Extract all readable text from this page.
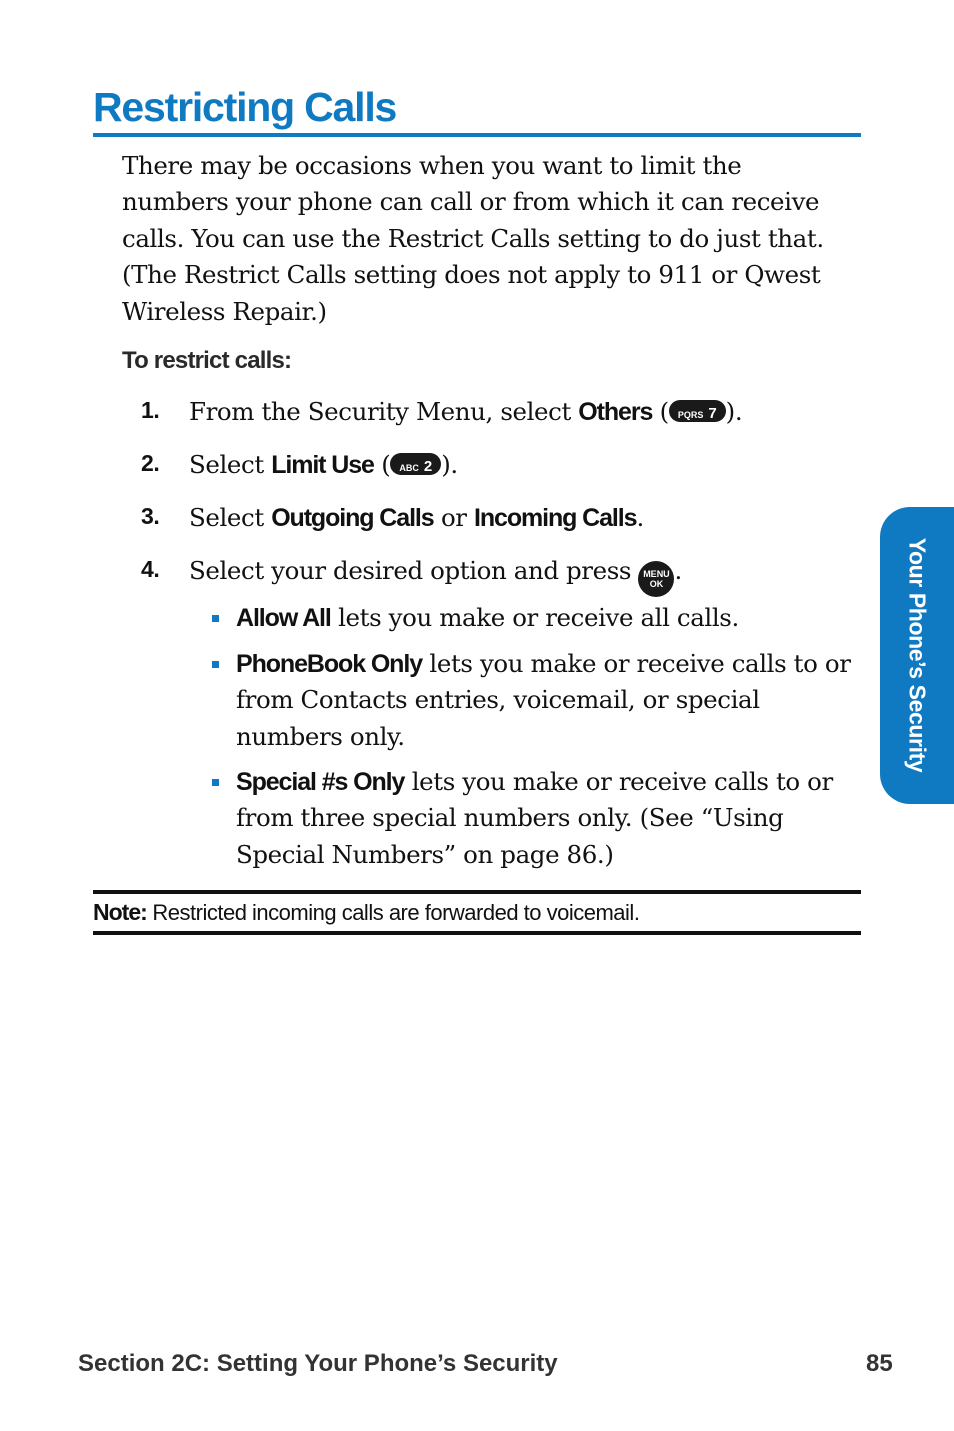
Restricting Calls

There may be occasions when you want to limit the numbers your phone can call or from which it can receive calls. You can use the Restrict Calls setting to do just that. (The Restrict Calls setting does not apply to 911 or Qwest Wireless Repair.)

To restrict calls:

1.	From the Security Menu, select Others ( PQRS 7 ).
2.	Select Limit Use ( ABC 2 ).
3.	Select Outgoing Calls or Incoming Calls.
4.	Select your desired option and press MENU
OK .

Allow All lets you make or receive all calls.

PhoneBook Only lets you make or receive calls to or from Contacts entries, voicemail, or special numbers only.

Special #s Only lets you make or receive calls to or from three special numbers only. (See “Using Special Numbers” on page 86.)

Note: Restricted incoming calls are forwarded to voicemail.

Your Phone’s Security

Section 2C: Setting Your Phone’s Security	85
